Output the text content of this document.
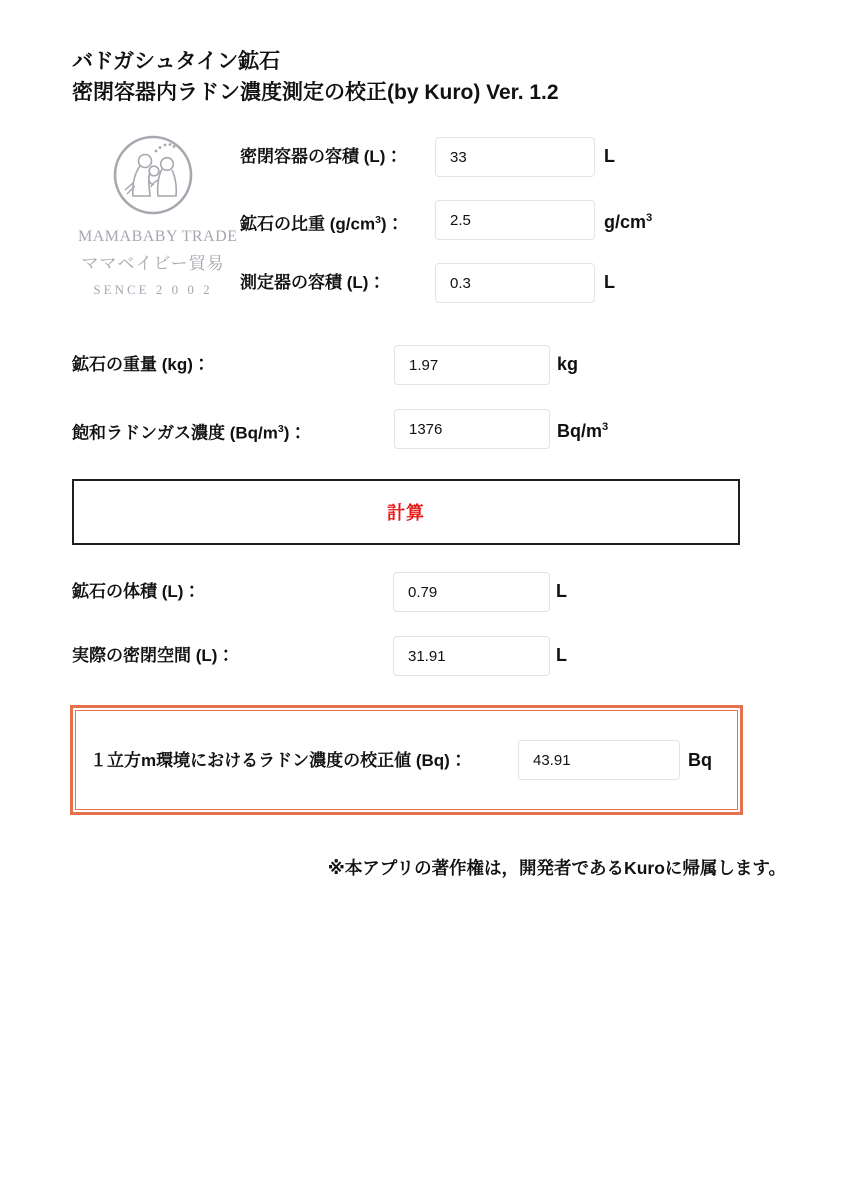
バドガシュタイン鉱石
密閉容器内ラドン濃度測定の校正(by Kuro) Ver. 1.2
MAMABABY TRADE
ママベイビー貿易
SENCE 2 0 0 2
密閉容器の容積 (L)：
33	L
鉱石の比重 $(g/cm^3)$：
2.5	$g/cm^3$
測定器の容積 (L)：
0.3	L
鉱石の重量 (kg)：
1.97	kg
飽和ラドンガス濃度 $(Bq/m^3)$：
1376	$Bq/m^3$
計算
鉱石の体積 (L)：
0.79	L
実際の密閉空間 (L)：
31.91	L
１立方m環境におけるラドン濃度の校正値 (Bq)：
43.91	Bq
※本アプリの著作権は，開発者であるKuroに帰属します。
